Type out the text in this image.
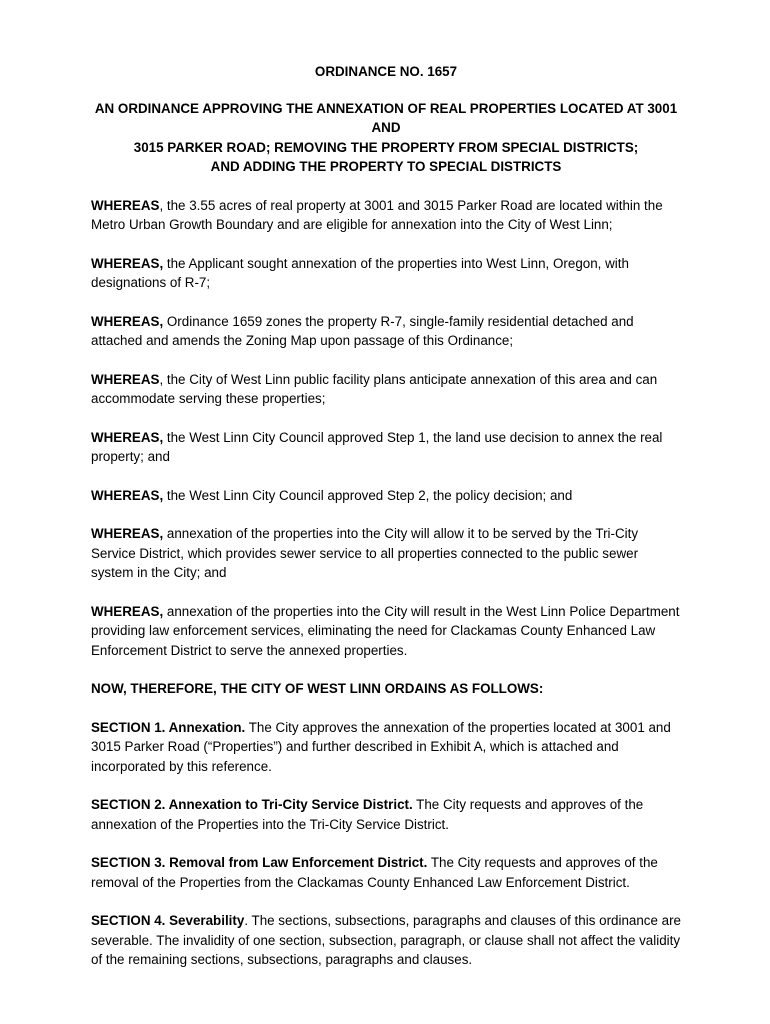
ORDINANCE NO. 1657
AN ORDINANCE APPROVING THE ANNEXATION OF REAL PROPERTIES LOCATED AT 3001 AND
3015 PARKER ROAD; REMOVING THE PROPERTY FROM SPECIAL DISTRICTS;
AND ADDING THE PROPERTY TO SPECIAL DISTRICTS

WHEREAS, the 3.55 acres of real property at 3001 and 3015 Parker Road are located within the Metro Urban Growth Boundary and are eligible for annexation into the City of West Linn;

WHEREAS, the Applicant sought annexation of the properties into West Linn, Oregon, with designations of R-7;

WHEREAS, Ordinance 1659 zones the property R-7, single-family residential detached and attached and amends the Zoning Map upon passage of this Ordinance;

WHEREAS, the City of West Linn public facility plans anticipate annexation of this area and can accommodate serving these properties;

WHEREAS, the West Linn City Council approved Step 1, the land use decision to annex the real property; and

WHEREAS, the West Linn City Council approved Step 2, the policy decision; and

WHEREAS, annexation of the properties into the City will allow it to be served by the Tri-City Service District, which provides sewer service to all properties connected to the public sewer system in the City; and

WHEREAS, annexation of the properties into the City will result in the West Linn Police Department providing law enforcement services, eliminating the need for Clackamas County Enhanced Law Enforcement District to serve the annexed properties.

NOW, THEREFORE, THE CITY OF WEST LINN ORDAINS AS FOLLOWS:

SECTION 1. Annexation. The City approves the annexation of the properties located at 3001 and 3015 Parker Road (“Properties”) and further described in Exhibit A, which is attached and incorporated by this reference.

SECTION 2. Annexation to Tri-City Service District. The City requests and approves of the annexation of the Properties into the Tri-City Service District.

SECTION 3. Removal from Law Enforcement District. The City requests and approves of the removal of the Properties from the Clackamas County Enhanced Law Enforcement District.

SECTION 4. Severability. The sections, subsections, paragraphs and clauses of this ordinance are severable. The invalidity of one section, subsection, paragraph, or clause shall not affect the validity of the remaining sections, subsections, paragraphs and clauses.
